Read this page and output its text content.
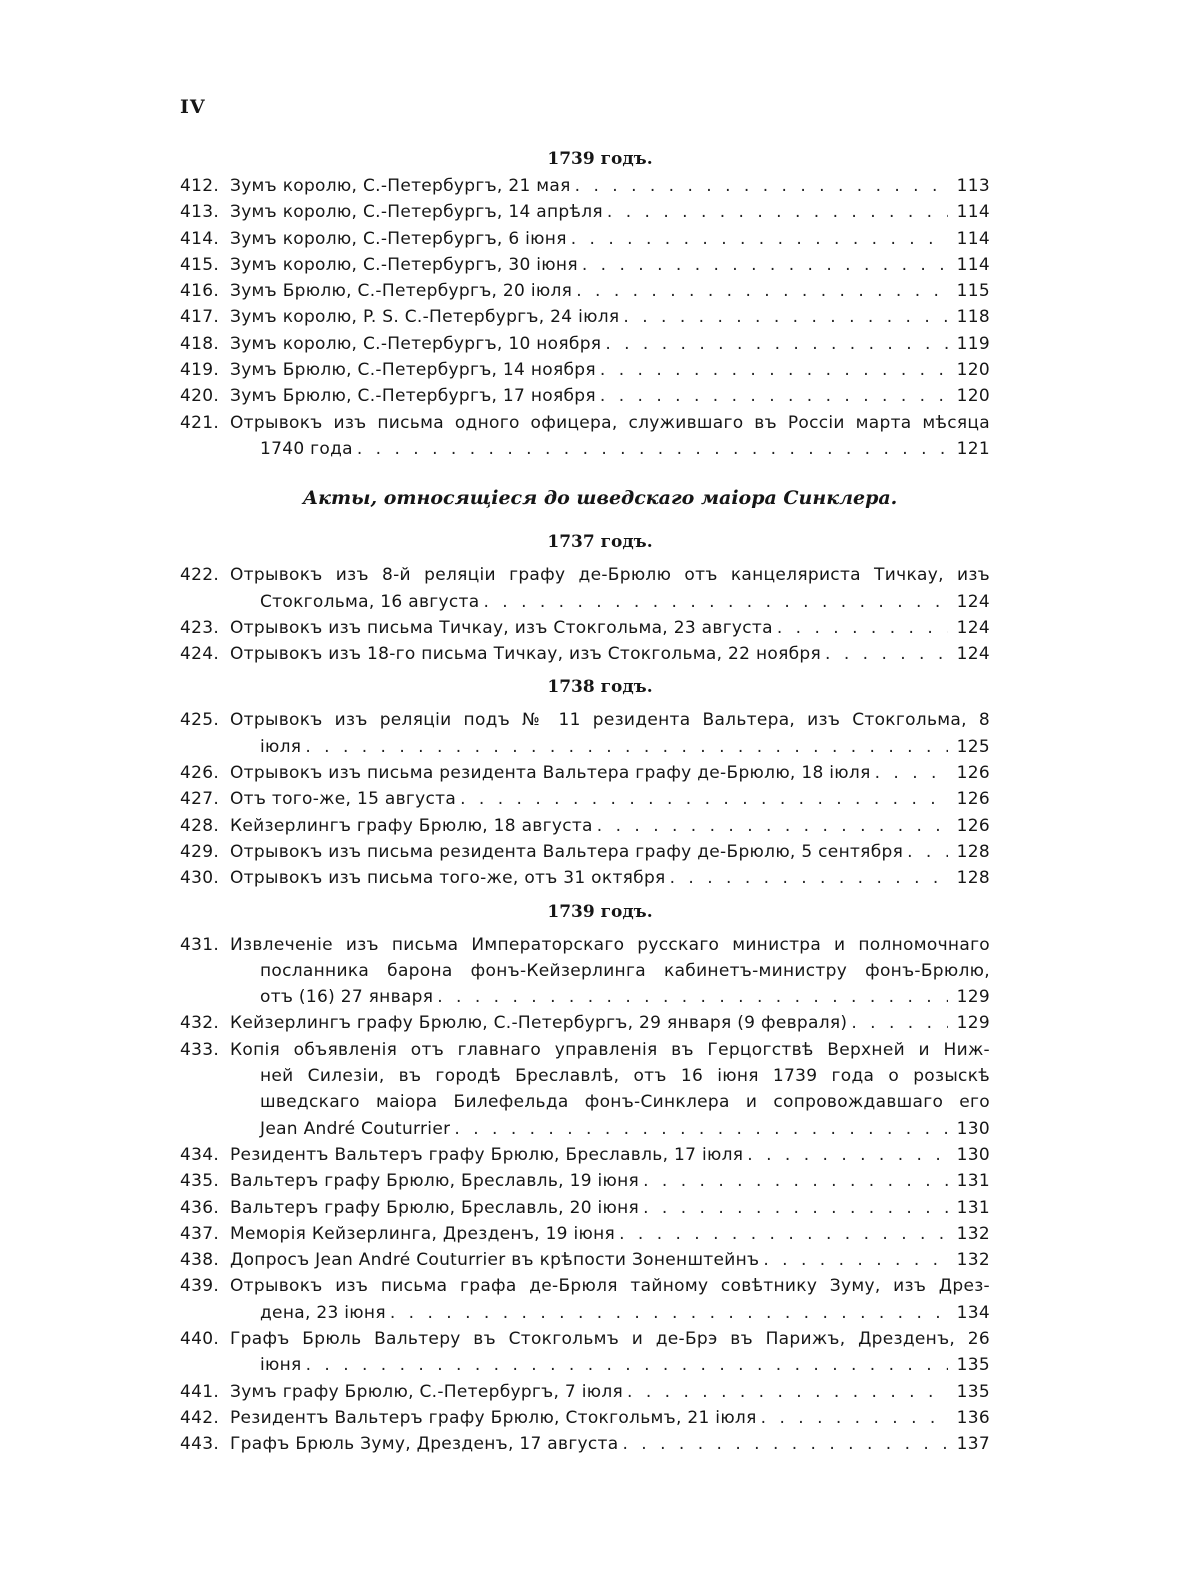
IV
1739 годъ.
412. Зумъ королю, С.-Петербургъ, 21 мая . . .	113
413. Зумъ королю, С.-Петербургъ, 14 апрѣля . . .	114
414. Зумъ королю, С.-Петербургъ, 6 іюня . . .	114
415. Зумъ королю, С.-Петербургъ, 30 іюня . . .	114
416. Зумъ Брюлю, С.-Петербургъ, 20 іюля . . .	115
417. Зумъ королю, P. S. С.-Петербургъ, 24 іюля . . .	118
418. Зумъ королю, С.-Петербургъ, 10 ноября . . .	119
419. Зумъ Брюлю, С.-Петербургъ, 14 ноября . . .	120
420. Зумъ Брюлю, С.-Петербургъ, 17 ноября . . .	120
421. Отрывокъ изъ письма одного офицера, служившаго въ Россіи марта мѣсяца
1740 года . . .	121
Акты, относящіеся до шведскаго маіора Синклера.
1737 годъ.
422. Отрывокъ изъ 8-й реляціи графу де-Брюлю отъ канцеляриста Тичкау, изъ
Стокгольма, 16 августа . . .	124
423. Отрывокъ изъ письма Тичкау, изъ Стокгольма, 23 августа . . .	124
424. Отрывокъ изъ 18-го письма Тичкау, изъ Стокгольма, 22 ноября . . .	124
1738 годъ.
425. Отрывокъ изъ реляціи подъ № 11 резидента Вальтера, изъ Стокгольма, 8
іюля . . .	125
426. Отрывокъ изъ письма резидента Вальтера графу де-Брюлю, 18 іюля . . .	126
427. Отъ того-же, 15 августа . . .	126
428. Кейзерлингъ графу Брюлю, 18 августа . . .	126
429. Отрывокъ изъ письма резидента Вальтера графу де-Брюлю, 5 сентября . . .	128
430. Отрывокъ изъ письма того-же, отъ 31 октября . . .	128
1739 годъ.
431. Извлеченіе изъ письма Императорскаго русскаго министра и полномочнаго
посланника барона фонъ-Кейзерлинга кабинетъ-министру фонъ-Брюлю,
отъ (16) 27 января . . .	129
432. Кейзерлингъ графу Брюлю, С.-Петербургъ, 29 января (9 февраля) . . .	129
433. Копія объявленія отъ главнаго управленія въ Герцогствѣ Верхней и Ниж-
ней Силезіи, въ городѣ Бреславлѣ, отъ 16 іюня 1739 года о розыскѣ
шведскаго маіора Билефельда фонъ-Синклера и сопровождавшаго его
Jean André Couturrier . . .	130
434. Резидентъ Вальтеръ графу Брюлю, Бреславль, 17 іюля . . .	130
435. Вальтеръ графу Брюлю, Бреславль, 19 іюня . . .	131
436. Вальтеръ графу Брюлю, Бреславль, 20 іюня . . .	131
437. Меморія Кейзерлинга, Дрезденъ, 19 іюня . . .	132
438. Допросъ Jean André Couturrier въ крѣпости Зоненштейнъ . . .	132
439. Отрывокъ изъ письма графа де-Брюля тайному совѣтнику Зуму, изъ Дрез-
дена, 23 іюня . . .	134
440. Графъ Брюль Вальтеру въ Стокгольмъ и де-Брэ въ Парижъ, Дрезденъ, 26
іюня . . .	135
441. Зумъ графу Брюлю, С.-Петербургъ, 7 іюля . . .	135
442. Резидентъ Вальтеръ графу Брюлю, Стокгольмъ, 21 іюля . . .	136
443. Графъ Брюль Зуму, Дрезденъ, 17 августа . . .	137
